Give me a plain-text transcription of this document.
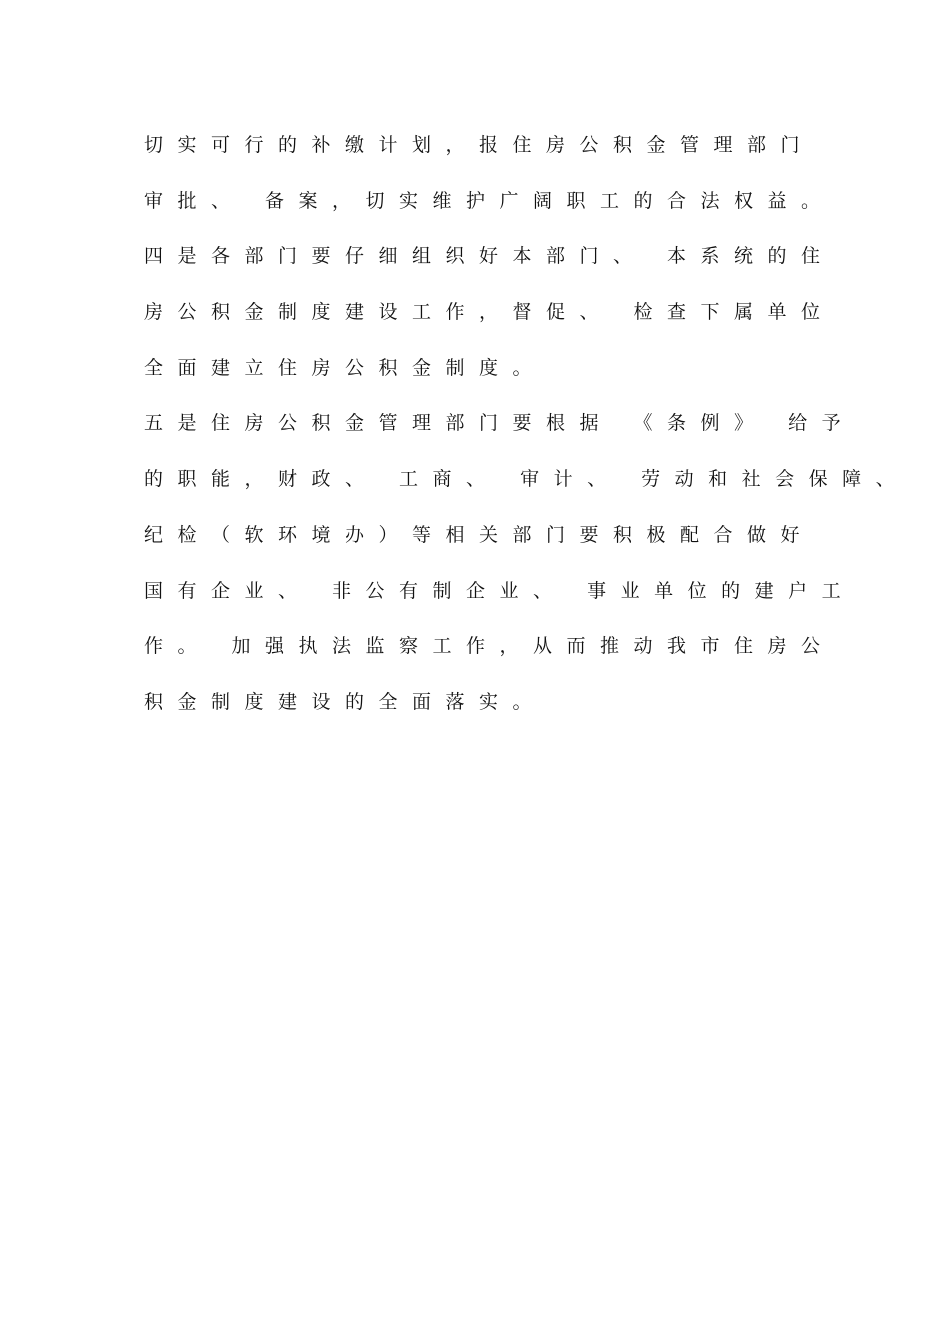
切实可行的补缴计划，报住房公积金管理部门
审批、 备案，切实维护广阔职工的合法权益。
四是各部门要仔细组织好本部门、 本系统的住
房公积金制度建设工作，督促、 检查下属单位
全面建立住房公积金制度。
五是住房公积金管理部门要根据 《条例》 给予
的职能，财政、 工商、 审计、 劳动和社会保障、
纪检（软环境办）等相关部门要积极配合做好
国有企业、 非公有制企业、 事业单位的建户工
作。 加强执法监察工作，从而推动我市住房公
积金制度建设的全面落实。
